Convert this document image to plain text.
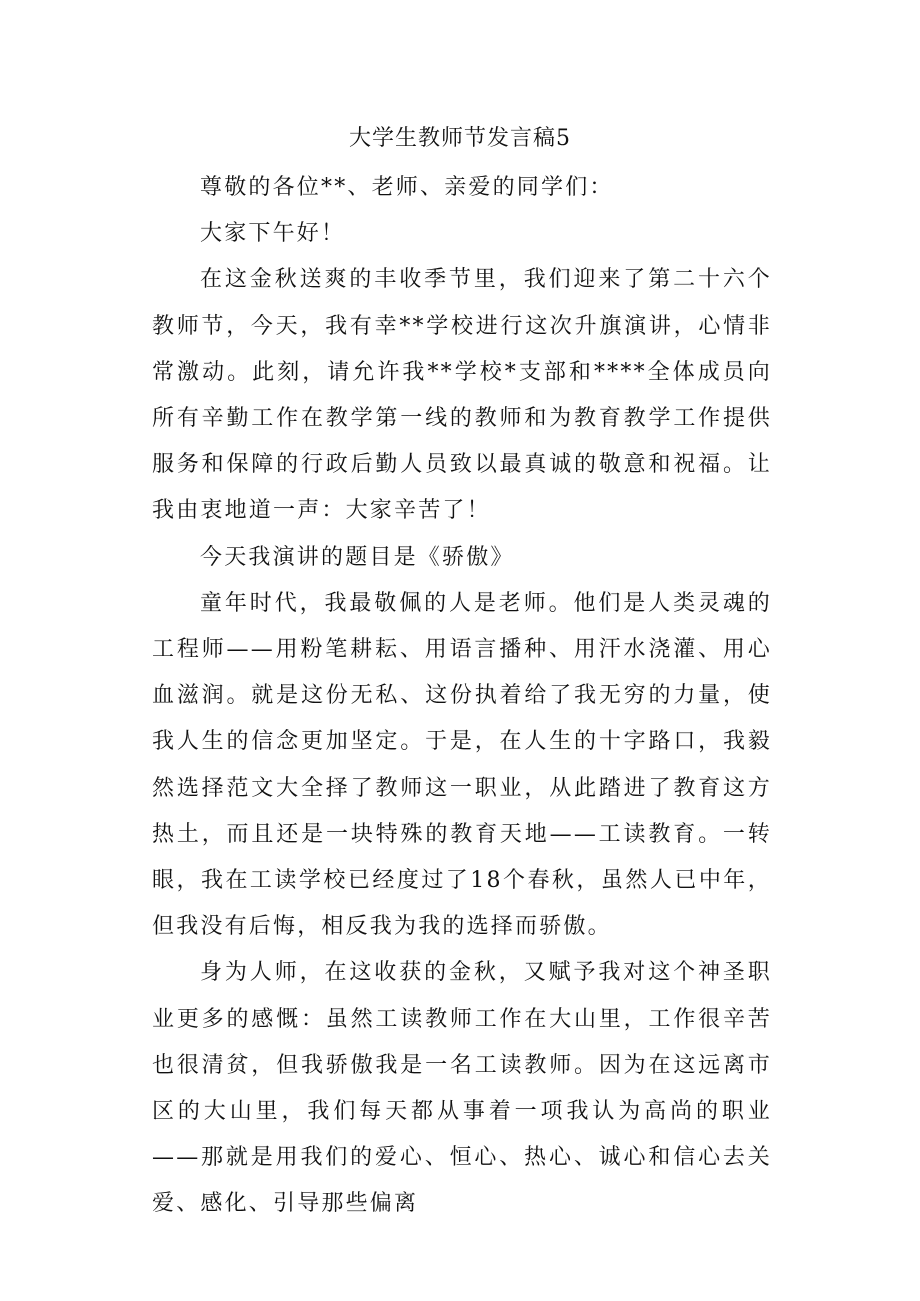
大学生教师节发言稿5

尊敬的各位**、老师、亲爱的同学们：

大家下午好！

在这金秋送爽的丰收季节里，我们迎来了第二十六个教师节，今天，我有幸**学校进行这次升旗演讲，心情非常激动。此刻，请允许我**学校*支部和****全体成员向所有辛勤工作在教学第一线的教师和为教育教学工作提供服务和保障的行政后勤人员致以最真诚的敬意和祝福。让我由衷地道一声：大家辛苦了！

今天我演讲的题目是《骄傲》

童年时代，我最敬佩的人是老师。他们是人类灵魂的工程师——用粉笔耕耘、用语言播种、用汗水浇灌、用心血滋润。就是这份无私、这份执着给了我无穷的力量，使我人生的信念更加坚定。于是，在人生的十字路口，我毅然选择范文大全择了教师这一职业，从此踏进了教育这方热土，而且还是一块特殊的教育天地——工读教育。一转眼，我在工读学校已经度过了18个春秋，虽然人已中年，但我没有后悔，相反我为我的选择而骄傲。

身为人师，在这收获的金秋，又赋予我对这个神圣职业更多的感慨：虽然工读教师工作在大山里，工作很辛苦也很清贫，但我骄傲我是一名工读教师。因为在这远离市区的大山里，我们每天都从事着一项我认为高尚的职业——那就是用我们的爱心、恒心、热心、诚心和信心去关爱、感化、引导那些偏离
